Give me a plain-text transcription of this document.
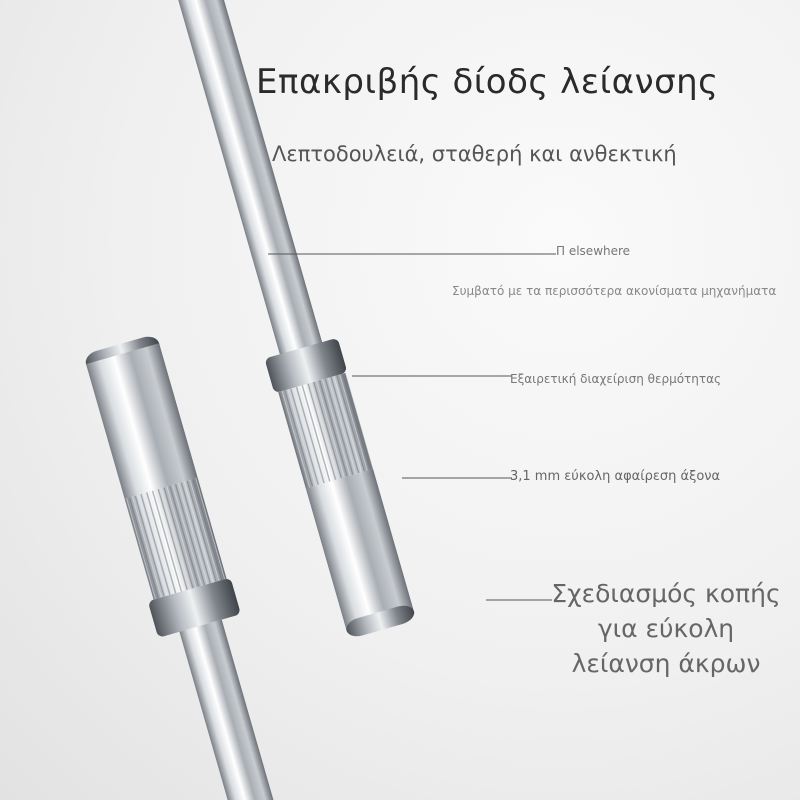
Επακριβής δίοδς λείανσης
Λεπτοδουλειά, σταθερή και ανθεκτική
Π elsewhere
Συμβατό με τα περισσότερα ακονίσματα μηχανήματα
Εξαιρετική διαχείριση θερμότητας
3,1 mm εύκολη αφαίρεση άξονα
Σχεδιασμός κοπής
για εύκολη
λείανση άκρων
